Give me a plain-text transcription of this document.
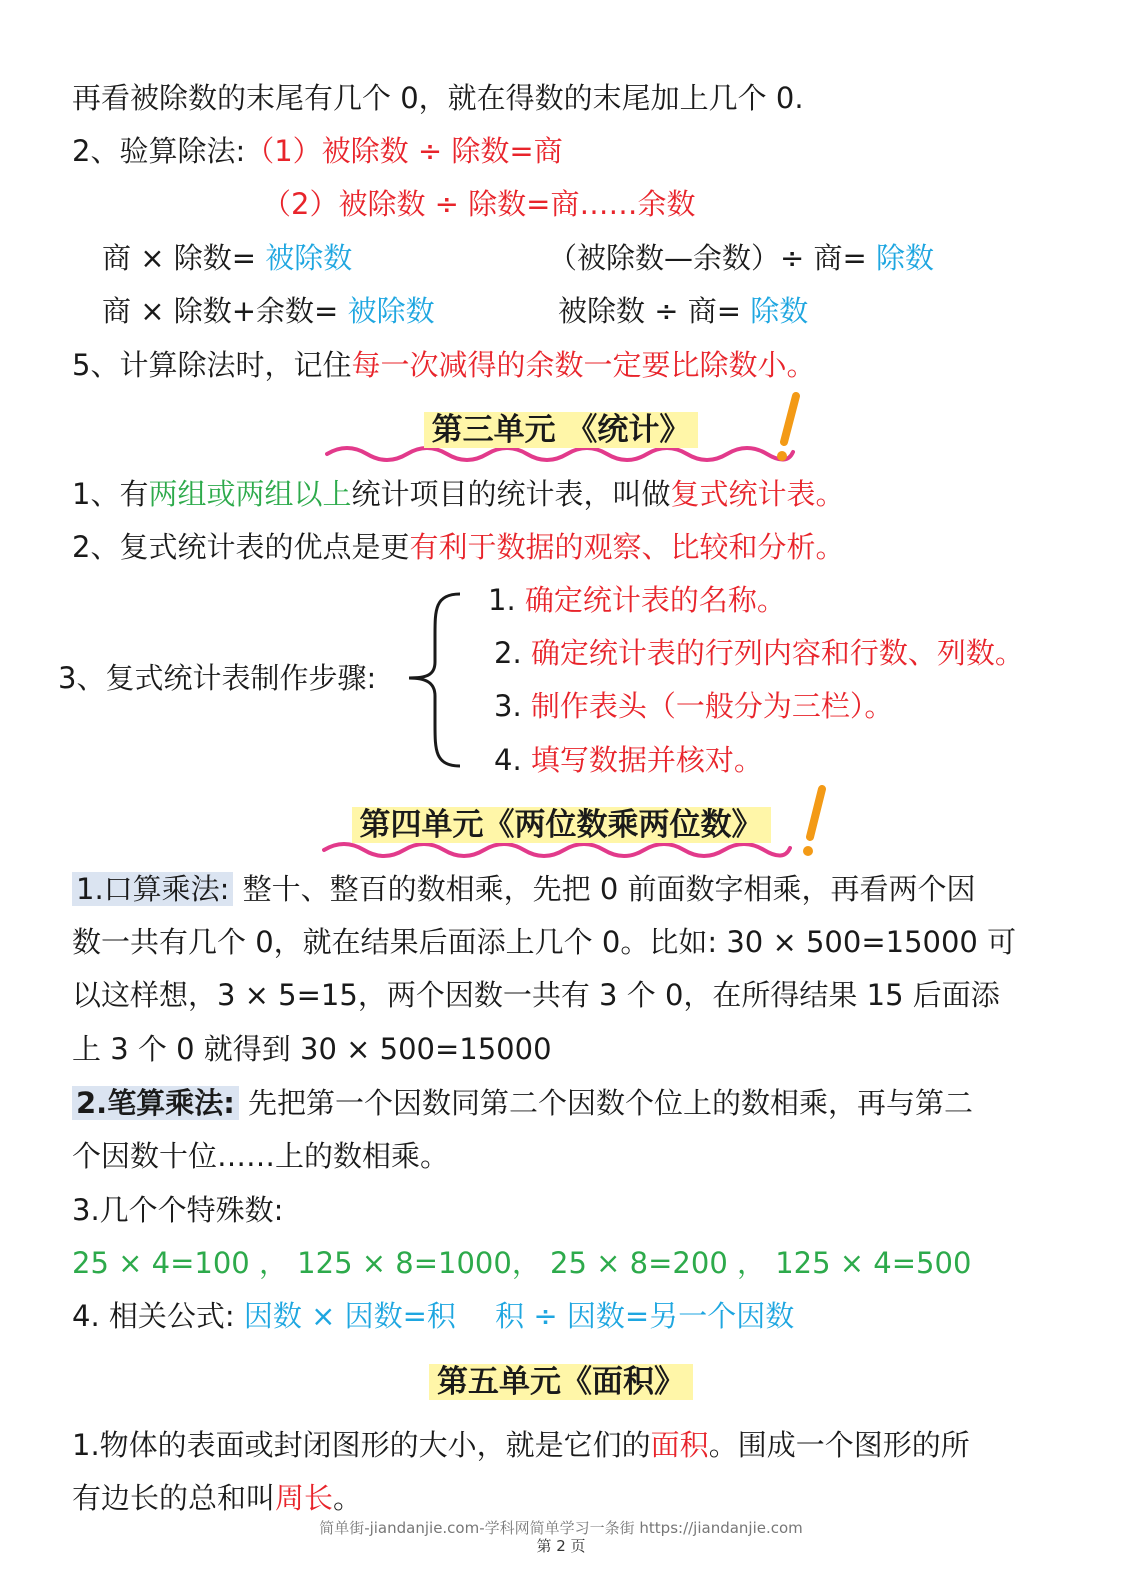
再看被除数的末尾有几个 0，就在得数的末尾加上几个 0.
2、验算除法:（1）被除数 ÷ 除数=商
（2）被除数 ÷ 除数=商……余数
商 × 除数= 被除数	（被除数—余数）÷ 商= 除数
商 × 除数+余数= 被除数	被除数 ÷ 商= 除数
5、计算除法时，记住每一次减得的余数一定要比除数小。
第三单元 《统计》
1、有两组或两组以上统计项目的统计表，叫做复式统计表。
2、复式统计表的优点是更有利于数据的观察、比较和分析。
3、复式统计表制作步骤:
1. 确定统计表的名称。
2. 确定统计表的行列内容和行数、列数。
3. 制作表头（一般分为三栏）。
4. 填写数据并核对。
第四单元《两位数乘两位数》
1.口算乘法: 整十、整百的数相乘，先把 0 前面数字相乘，再看两个因
数一共有几个 0，就在结果后面添上几个 0。比如: 30 × 500=15000 可
以这样想，3 × 5=15，两个因数一共有 3 个 0，在所得结果 15 后面添
上 3 个 0 就得到 30 × 500=15000
2.笔算乘法: 先把第一个因数同第二个因数个位上的数相乘，再与第二
个因数十位……上的数相乘。
3.几个个特殊数:
25 × 4=100 ， 125 × 8=1000， 25 × 8=200 ， 125 × 4=500
4. 相关公式: 因数 × 因数=积 积 ÷ 因数=另一个因数
第五单元《面积》
1.物体的表面或封闭图形的大小，就是它们的面积。围成一个图形的所
有边长的总和叫周长。
简单街-jiandanjie.com-学科网简单学习一条街 https://jiandanjie.com
第 2 页
